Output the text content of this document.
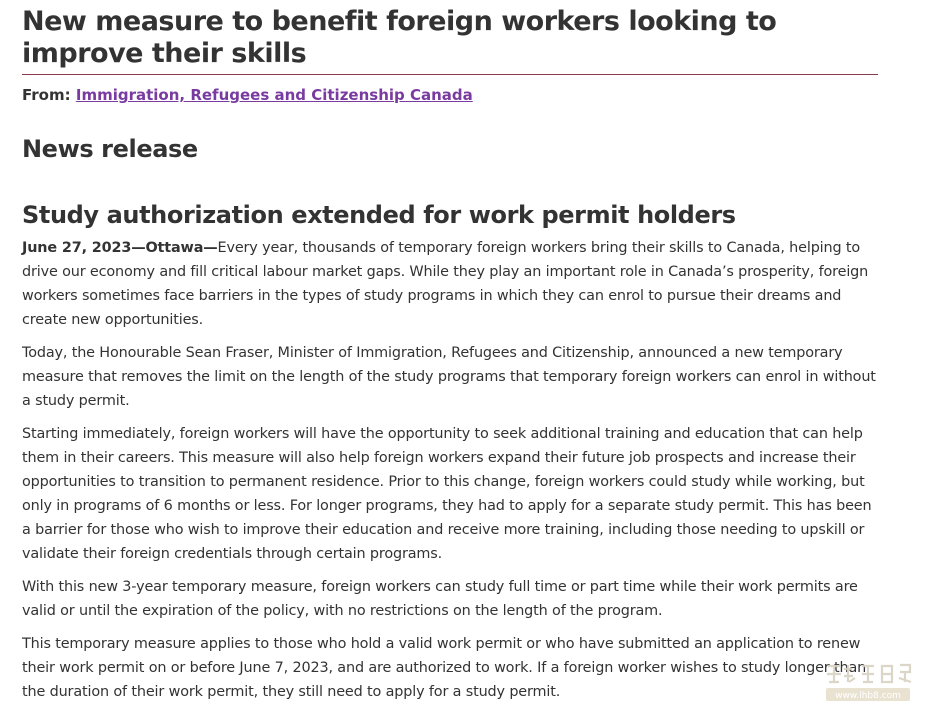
New measure to benefit foreign workers looking to improve their skills
From: Immigration, Refugees and Citizenship Canada
News release
Study authorization extended for work permit holders

June 27, 2023—Ottawa—Every year, thousands of temporary foreign workers bring their skills to Canada, helping to drive our economy and fill critical labour market gaps. While they play an important role in Canada’s prosperity, foreign workers sometimes face barriers in the types of study programs in which they can enrol to pursue their dreams and create new opportunities.

Today, the Honourable Sean Fraser, Minister of Immigration, Refugees and Citizenship, announced a new temporary measure that removes the limit on the length of the study programs that temporary foreign workers can enrol in without a study permit.

Starting immediately, foreign workers will have the opportunity to seek additional training and education that can help them in their careers. This measure will also help foreign workers expand their future job prospects and increase their opportunities to transition to permanent residence. Prior to this change, foreign workers could study while working, but only in programs of 6 months or less. For longer programs, they had to apply for a separate study permit. This has been a barrier for those who wish to improve their education and receive more training, including those needing to upskill or validate their foreign credentials through certain programs.

With this new 3-year temporary measure, foreign workers can study full time or part time while their work permits are valid or until the expiration of the policy, with no restrictions on the length of the program.

This temporary measure applies to those who hold a valid work permit or who have submitted an application to renew their work permit on or before June 7, 2023, and are authorized to work. If a foreign worker wishes to study longer than the duration of their work permit, they still need to apply for a study permit.	www.lhb8.com
